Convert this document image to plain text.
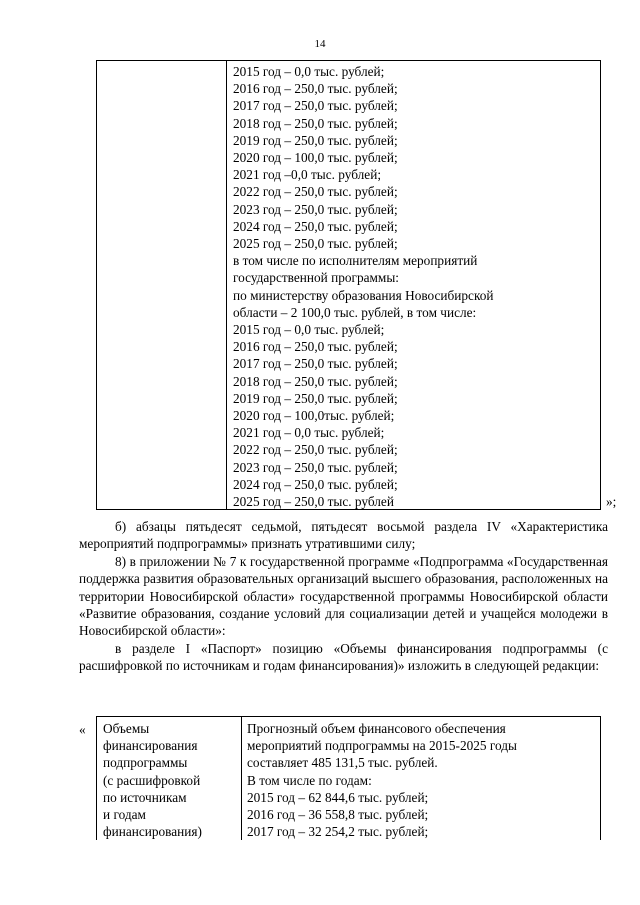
14
2015 год – 0,0 тыс. рублей;
2016 год – 250,0 тыс. рублей;
2017 год – 250,0 тыс. рублей;
2018 год – 250,0 тыс. рублей;
2019 год – 250,0 тыс. рублей;
2020 год – 100,0 тыс. рублей;
2021 год –0,0 тыс. рублей;
2022 год – 250,0 тыс. рублей;
2023 год – 250,0 тыс. рублей;
2024 год – 250,0 тыс. рублей;
2025 год – 250,0 тыс. рублей;
в том числе по исполнителям мероприятий
государственной программы:
по министерству образования Новосибирской
области – 2 100,0 тыс. рублей, в том числе:
2015 год – 0,0 тыс. рублей;
2016 год – 250,0 тыс. рублей;
2017 год – 250,0 тыс. рублей;
2018 год – 250,0 тыс. рублей;
2019 год – 250,0 тыс. рублей;
2020 год – 100,0тыс. рублей;
2021 год – 0,0 тыс. рублей;
2022 год – 250,0 тыс. рублей;
2023 год – 250,0 тыс. рублей;
2024 год – 250,0 тыс. рублей;
2025 год – 250,0 тыс. рублей	»;

б) абзацы пятьдесят седьмой, пятьдесят восьмой раздела IV «Характеристика мероприятий подпрограммы» признать утратившими силу;

8) в приложении № 7 к государственной программе «Подпрограмма «Государственная поддержка развития образовательных организаций высшего образования, расположенных на территории Новосибирской области» государственной программы Новосибирской области «Развитие образования, создание условий для социализации детей и учащейся молодежи в Новосибирской области»:

в разделе I «Паспорт» позицию «Объемы финансирования подпрограммы (с расшифровкой по источникам и годам финансирования)» изложить в следующей редакции:

« Объемы
финансирования
подпрограммы
(с расшифровкой
по источникам
и годам
финансирования)
Прогнозный объем финансового обеспечения
мероприятий подпрограммы на 2015-2025 годы
составляет 485 131,5 тыс. рублей.
В том числе по годам:
2015 год – 62 844,6 тыс. рублей;
2016 год – 36 558,8 тыс. рублей;
2017 год – 32 254,2 тыс. рублей;
